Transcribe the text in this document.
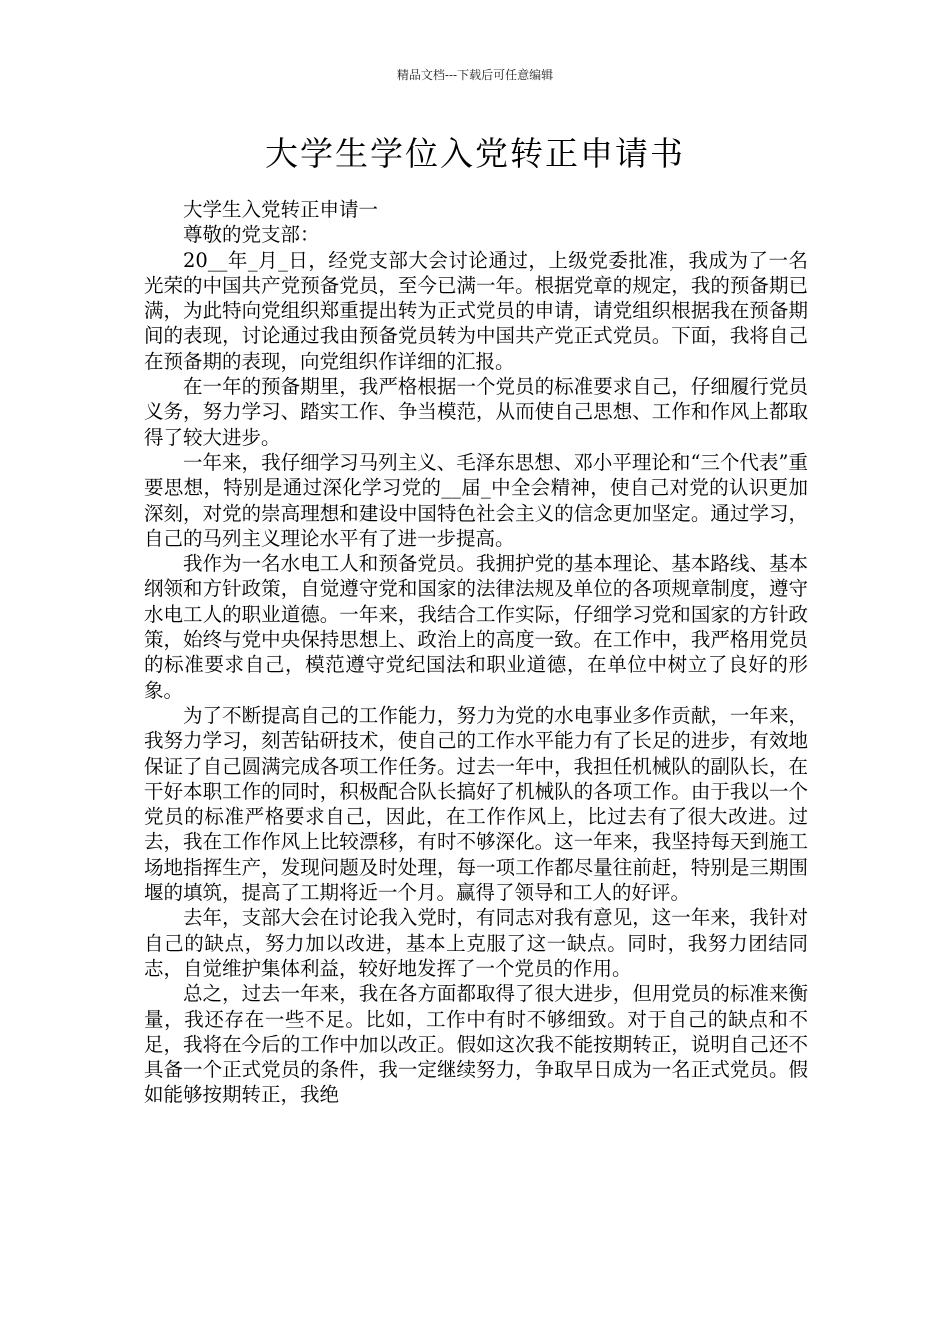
精品文档---下载后可任意编辑
大学生学位入党转正申请书

大学生入党转正申请一

尊敬的党支部：

20__年_月_日，经党支部大会讨论通过，上级党委批准，我成为了一名光荣的中国共产党预备党员，至今已满一年。根据党章的规定，我的预备期已满，为此特向党组织郑重提出转为正式党员的申请，请党组织根据我在预备期间的表现，讨论通过我由预备党员转为中国共产党正式党员。下面，我将自己在预备期的表现，向党组织作详细的汇报。

在一年的预备期里，我严格根据一个党员的标准要求自己，仔细履行党员义务，努力学习、踏实工作、争当模范，从而使自己思想、工作和作风上都取得了较大进步。

一年来，我仔细学习马列主义、毛泽东思想、邓小平理论和“三个代表”重要思想，特别是通过深化学习党的__届_中全会精神，使自己对党的认识更加深刻，对党的崇高理想和建设中国特色社会主义的信念更加坚定。通过学习，自己的马列主义理论水平有了进一步提高。

我作为一名水电工人和预备党员。我拥护党的基本理论、基本路线、基本纲领和方针政策，自觉遵守党和国家的法律法规及单位的各项规章制度，遵守水电工人的职业道德。一年来，我结合工作实际，仔细学习党和国家的方针政策，始终与党中央保持思想上、政治上的高度一致。在工作中，我严格用党员的标准要求自己，模范遵守党纪国法和职业道德，在单位中树立了良好的形象。

为了不断提高自己的工作能力，努力为党的水电事业多作贡献，一年来，我努力学习，刻苦钻研技术，使自己的工作水平能力有了长足的进步，有效地保证了自己圆满完成各项工作任务。过去一年中，我担任机械队的副队长，在干好本职工作的同时，积极配合队长搞好了机械队的各项工作。由于我以一个党员的标准严格要求自己，因此，在工作作风上，比过去有了很大改进。过去，我在工作作风上比较漂移，有时不够深化。这一年来，我坚持每天到施工场地指挥生产，发现问题及时处理，每一项工作都尽量往前赶，特别是三期围堰的填筑，提高了工期将近一个月。赢得了领导和工人的好评。

去年，支部大会在讨论我入党时，有同志对我有意见，这一年来，我针对自己的缺点，努力加以改进，基本上克服了这一缺点。同时，我努力团结同志，自觉维护集体利益，较好地发挥了一个党员的作用。

总之，过去一年来，我在各方面都取得了很大进步，但用党员的标准来衡量，我还存在一些不足。比如，工作中有时不够细致。对于自己的缺点和不足，我将在今后的工作中加以改正。假如这次我不能按期转正，说明自己还不具备一个正式党员的条件，我一定继续努力，争取早日成为一名正式党员。假如能够按期转正，我绝
